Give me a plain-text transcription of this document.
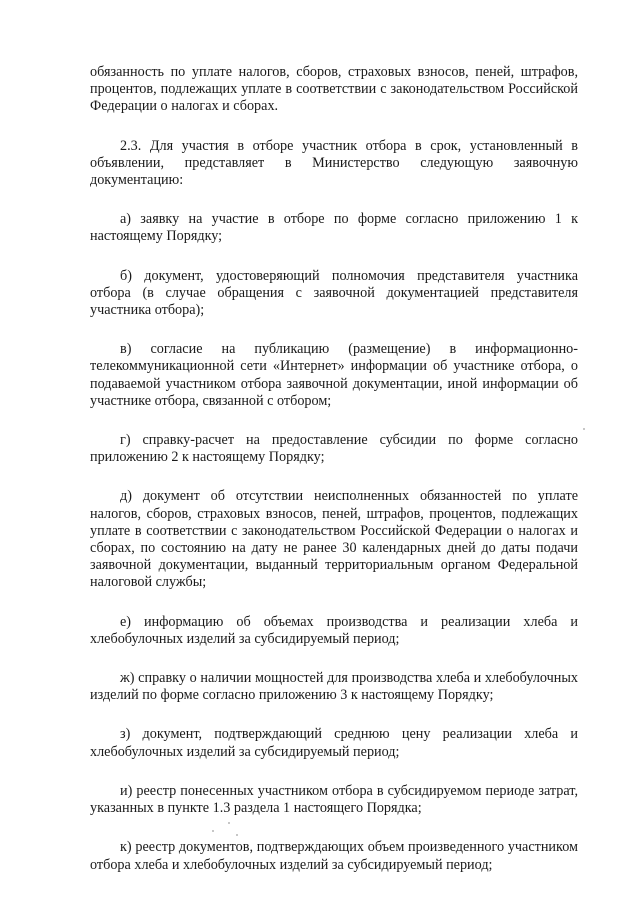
обязанность по уплате налогов, сборов, страховых взносов, пеней, штрафов, процентов, подлежащих уплате в соответствии с законодательством Российской Федерации о налогах и сборах.

2.3. Для участия в отборе участник отбора в срок, установленный в объявлении, представляет в Министерство следующую заявочную документацию:

а) заявку на участие в отборе по форме согласно приложению 1 к настоящему Порядку;

б) документ, удостоверяющий полномочия представителя участника отбора (в случае обращения с заявочной документацией представителя участника отбора);

в) согласие на публикацию (размещение) в информационно-телекоммуникационной сети «Интернет» информации об участнике отбора, о подаваемой участником отбора заявочной документации, иной информации об участнике отбора, связанной с отбором;

г) справку-расчет на предоставление субсидии по форме согласно приложению 2 к настоящему Порядку;

д) документ об отсутствии неисполненных обязанностей по уплате налогов, сборов, страховых взносов, пеней, штрафов, процентов, подлежащих уплате в соответствии с законодательством Российской Федерации о налогах и сборах, по состоянию на дату не ранее 30 календарных дней до даты подачи заявочной документации, выданный территориальным органом Федеральной налоговой службы;

е) информацию об объемах производства и реализации хлеба и хлебобулочных изделий за субсидируемый период;

ж) справку о наличии мощностей для производства хлеба и хлебобулочных изделий по форме согласно приложению 3 к настоящему Порядку;

з) документ, подтверждающий среднюю цену реализации хлеба и хлебобулочных изделий за субсидируемый период;

и) реестр понесенных участником отбора в субсидируемом периоде затрат, указанных в пункте 1.3 раздела 1 настоящего Порядка;

к) реестр документов, подтверждающих объем произведенного участником отбора хлеба и хлебобулочных изделий за субсидируемый период;
